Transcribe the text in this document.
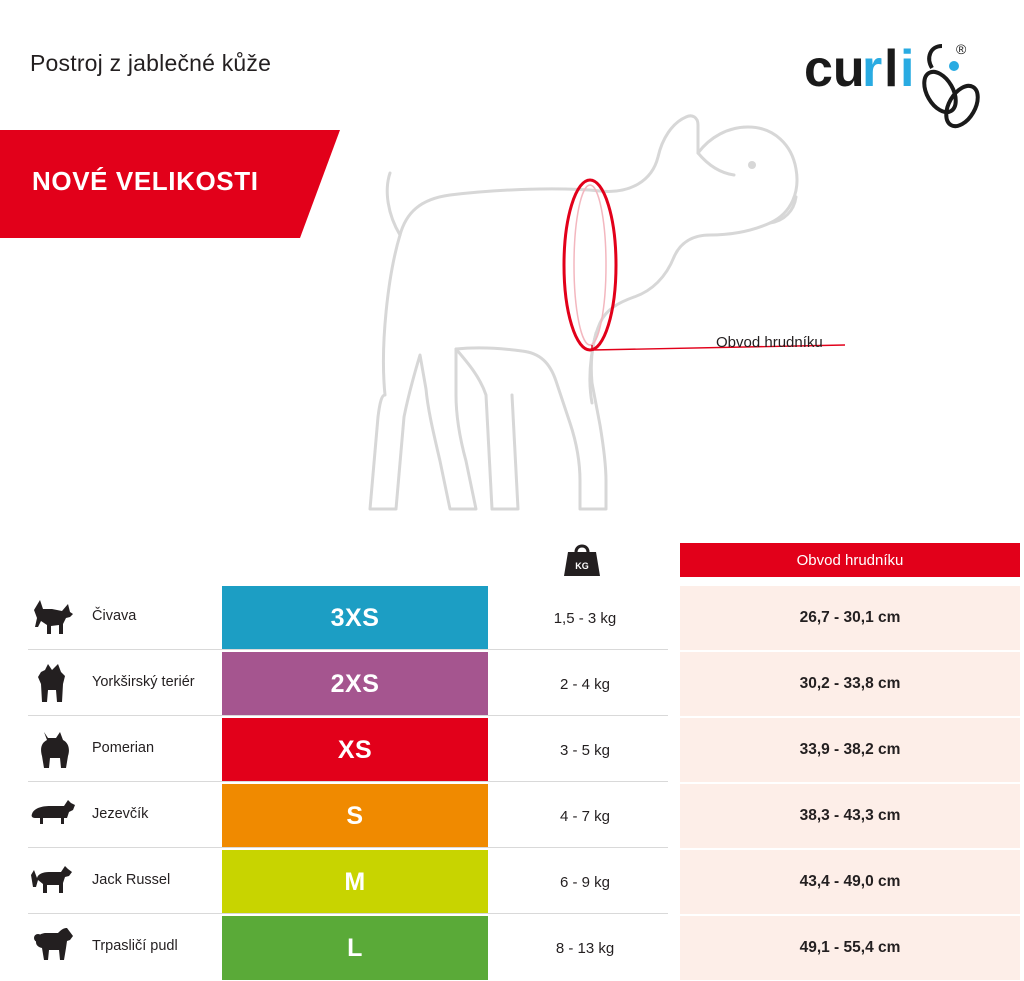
Postroj z jablečné kůže	cu
r l i	®
NOVÉ VELIKOSTI
Obvod hrudníku
KG	Obvod hrudníku
Čivava	3XS	1,5 - 3 kg	26,7 - 30,1 cm
Yorkširský teriér	2XS	2 - 4 kg	30,2 - 33,8 cm
Pomerian	XS	3 - 5 kg	33,9 - 38,2 cm
Jezevčík	S	4 - 7 kg	38,3 - 43,3 cm
Jack Russel	M	6 - 9 kg	43,4 - 49,0 cm
Trpasličí pudl	L	8 - 13 kg	49,1 - 55,4 cm
